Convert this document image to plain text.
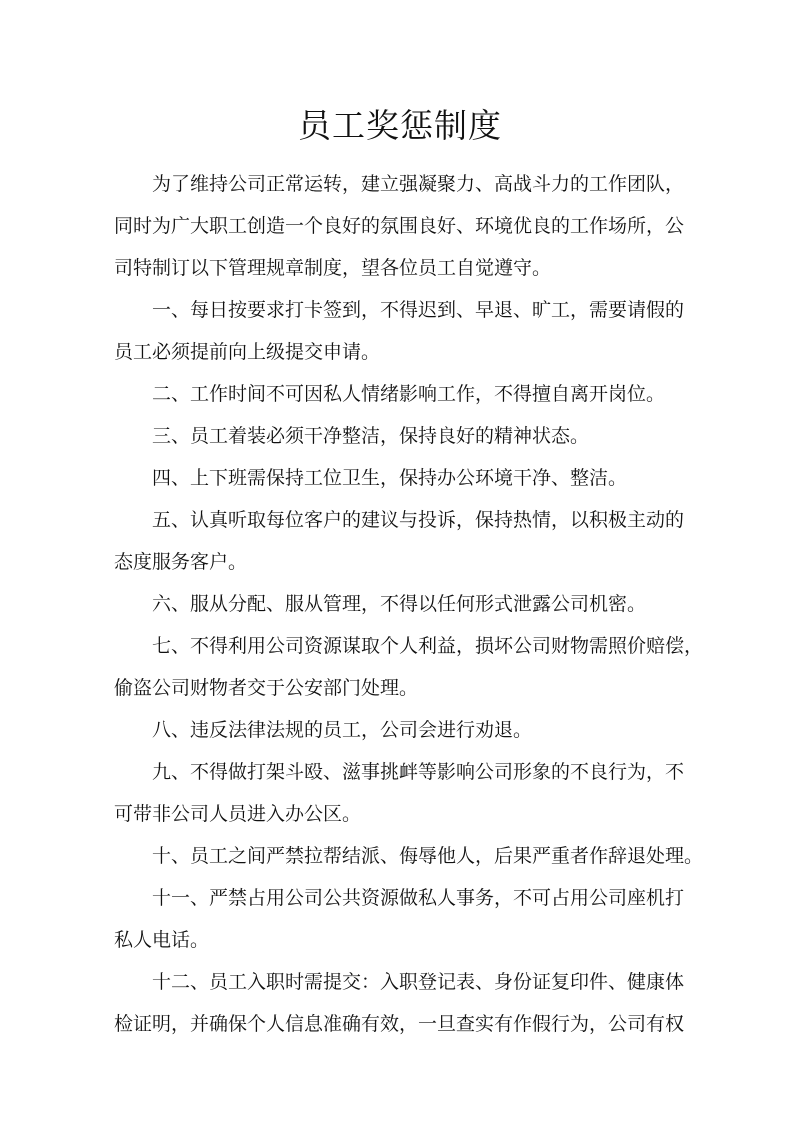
员工奖惩制度

为了维持公司正常运转，建立强凝聚力、高战斗力的工作团队，

同时为广大职工创造一个良好的氛围良好、环境优良的工作场所，公

司特制订以下管理规章制度，望各位员工自觉遵守。

一、每日按要求打卡签到，不得迟到、早退、旷工，需要请假的

员工必须提前向上级提交申请。

二、工作时间不可因私人情绪影响工作，不得擅自离开岗位。

三、员工着装必须干净整洁，保持良好的精神状态。

四、上下班需保持工位卫生，保持办公环境干净、整洁。

五、认真听取每位客户的建议与投诉，保持热情，以积极主动的

态度服务客户。

六、服从分配、服从管理，不得以任何形式泄露公司机密。

七、不得利用公司资源谋取个人利益，损坏公司财物需照价赔偿，

偷盗公司财物者交于公安部门处理。

八、违反法律法规的员工，公司会进行劝退。

九、不得做打架斗殴、滋事挑衅等影响公司形象的不良行为，不

可带非公司人员进入办公区。

十、员工之间严禁拉帮结派、侮辱他人，后果严重者作辞退处理。

十一、严禁占用公司公共资源做私人事务，不可占用公司座机打

私人电话。

十二、员工入职时需提交：入职登记表、身份证复印件、健康体

检证明，并确保个人信息准确有效，一旦查实有作假行为，公司有权
